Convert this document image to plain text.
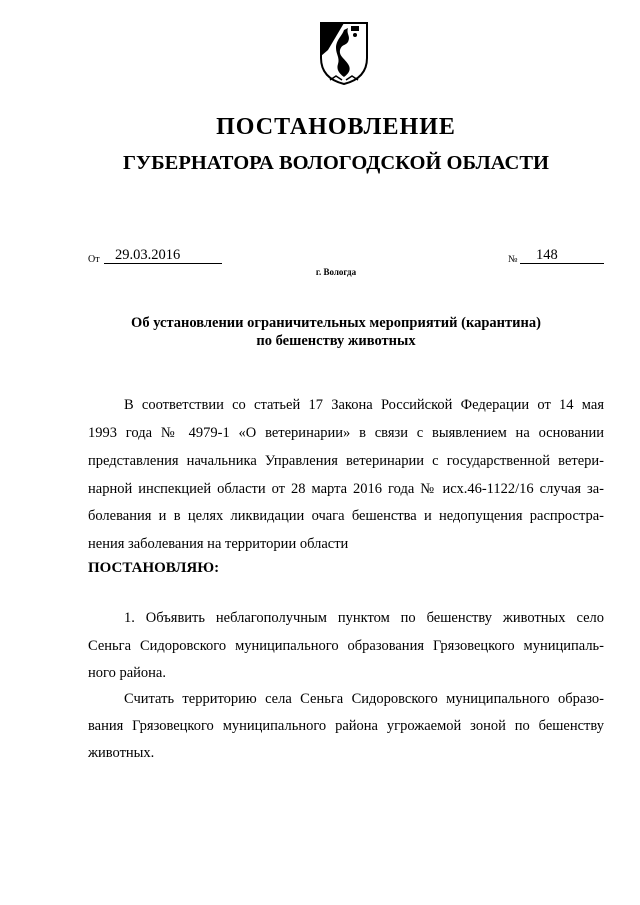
ПОСТАНОВЛЕНИЕ
ГУБЕРНАТОРА ВОЛОГОДСКОЙ ОБЛАСТИ
От 29.03.2016	№ 148
г. Вологда
Об установлении ограничительных мероприятий (карантина)
по бешенству животных
В соответствии со статьей 17 Закона Российской Федерации от 14 мая
1993 года № 4979-1 «О ветеринарии» в связи с выявлением на основании
представления начальника Управления ветеринарии с государственной ветери-
нарной инспекцией области от 28 марта 2016 года № исх.46-1122/16 случая за-
болевания и в целях ликвидации очага бешенства и недопущения распростра-
нения заболевания на территории области
ПОСТАНОВЛЯЮ:
1. Объявить неблагополучным пунктом по бешенству животных село
Сеньга Сидоровского муниципального образования Грязовецкого муниципаль-
ного района.
Считать территорию села Сеньга Сидоровского муниципального образо-
вания Грязовецкого муниципального района угрожаемой зоной по бешенству
животных.
